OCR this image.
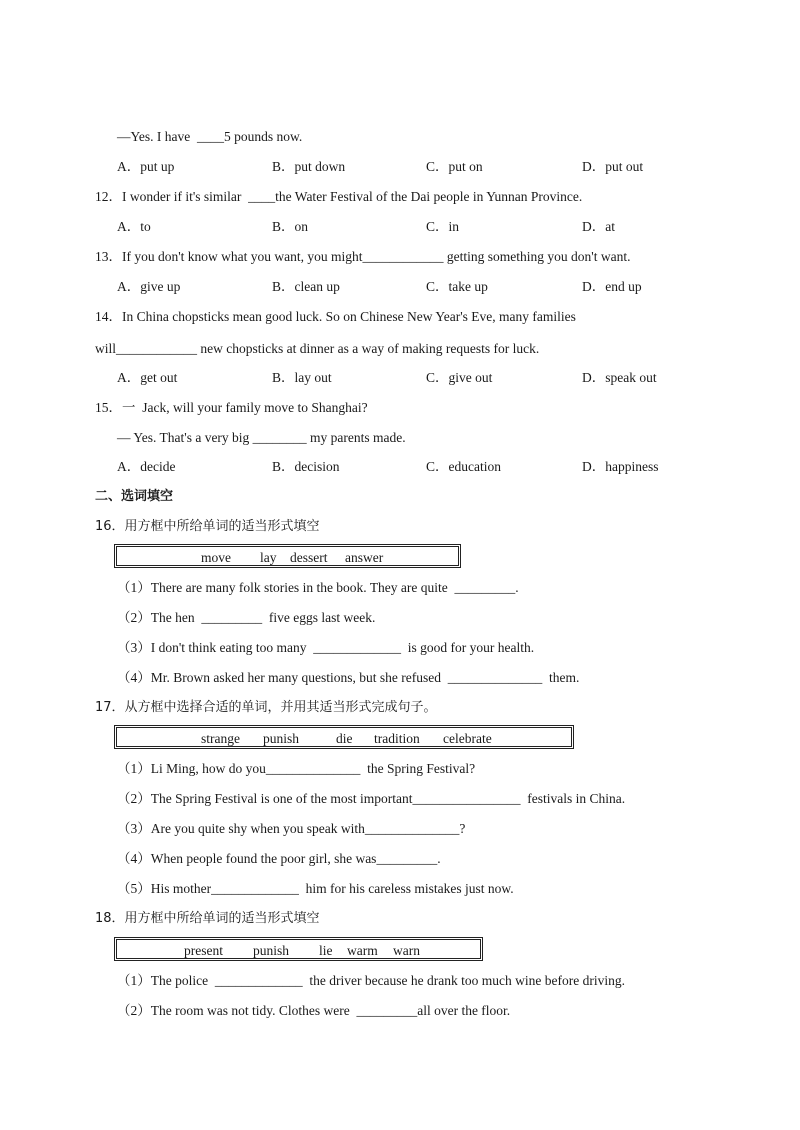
—Yes. I have  ____5 pounds now.
A．put up	B．put down	C．put on	D．put out
12．I wonder if it's similar  ____the Water Festival of the Dai people in Yunnan Province.
A．to	B．on	C．in	D．at
13．If you don't know what you want, you might____________ getting something you don't want.
A．give up	B．clean up	C．take up	D．end up
14．In China chopsticks mean good luck. So on Chinese New Year's Eve, many families
will____________ new chopsticks at dinner as a way of making requests for luck.
A．get out	B．lay out	C．give out	D．speak out
15．一  Jack, will your family move to Shanghai?
— Yes. That's a very big ________ my parents made.
A．decide	B．decision	C．education	D．happiness
二、选词填空
16．用方框中所给单词的适当形式填空

move

lay

dessert

answer

（1）There are many folk stories in the book. They are quite  _________.
（2）The hen  _________  five eggs last week.
（3）I don't think eating too many  _____________  is good for your health.
（4）Mr. Brown asked her many questions, but she refused  ______________  them.
17．从方框中选择合适的单词，并用其适当形式完成句子。

strange

punish

	die

tradition

celebrate

（1）Li Ming, how do you______________  the Spring Festival?
（2）The Spring Festival is one of the most important________________  festivals in China.
（3）Are you quite shy when you speak with______________?
（4）When people found the poor girl, she was_________.
（5）His mother_____________  him for his careless mistakes just now.
18．用方框中所给单词的适当形式填空

present

punish

lie

warm

warn

（1）The police  _____________  the driver because he drank too much wine before driving.
（2）The room was not tidy. Clothes were  _________all over the floor.
